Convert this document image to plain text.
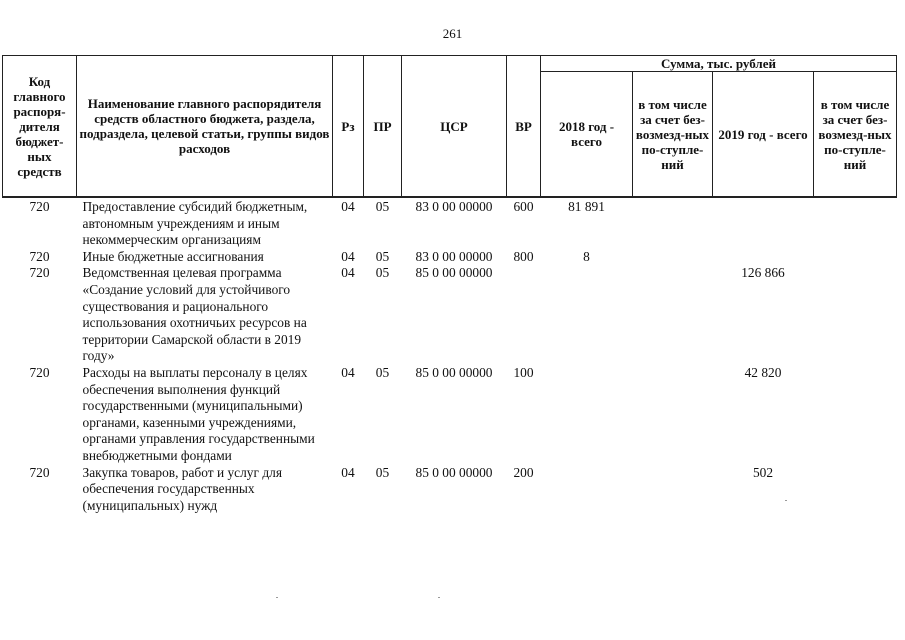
261
Код главного распоря-дителя бюджет-ных средств	Наименование главного распорядителя средств областного бюджета, раздела, подраздела, целевой статьи, группы видов расходов	Рз	ПР	ЦСР	ВР	Сумма, тыс. рублей			
						2018 год - всего	в том числе за счет без-возмезд-ных по-ступле-ний	2019 год - всего	в том числе за счет без-возмезд-ных по-ступле-ний
720	Предоставление субсидий бюджетным, автономным учреждениям и иным некоммерческим организациям	04	05	83 0 00 00000	600	81 891			
720	Иные бюджетные ассигнования	04	05	83 0 00 00000	800	8			
720	Ведомственная целевая программа «Создание условий для устойчивого существования и рационального использования охотничьих ресурсов на территории Самарской области в 2019 году»	04	05	85 0 00 00000				126 866	
720	Расходы на выплаты персоналу в целях обеспечения выполнения функций государственными (муниципальными) органами, казенными учреждениями, органами управления государственными внебюджетными фондами	04	05	85 0 00 00000	100			42 820	
720	Закупка товаров, работ и услуг для обеспечения государственных (муниципальных) нужд	04	05	85 0 00 00000	200			502	
